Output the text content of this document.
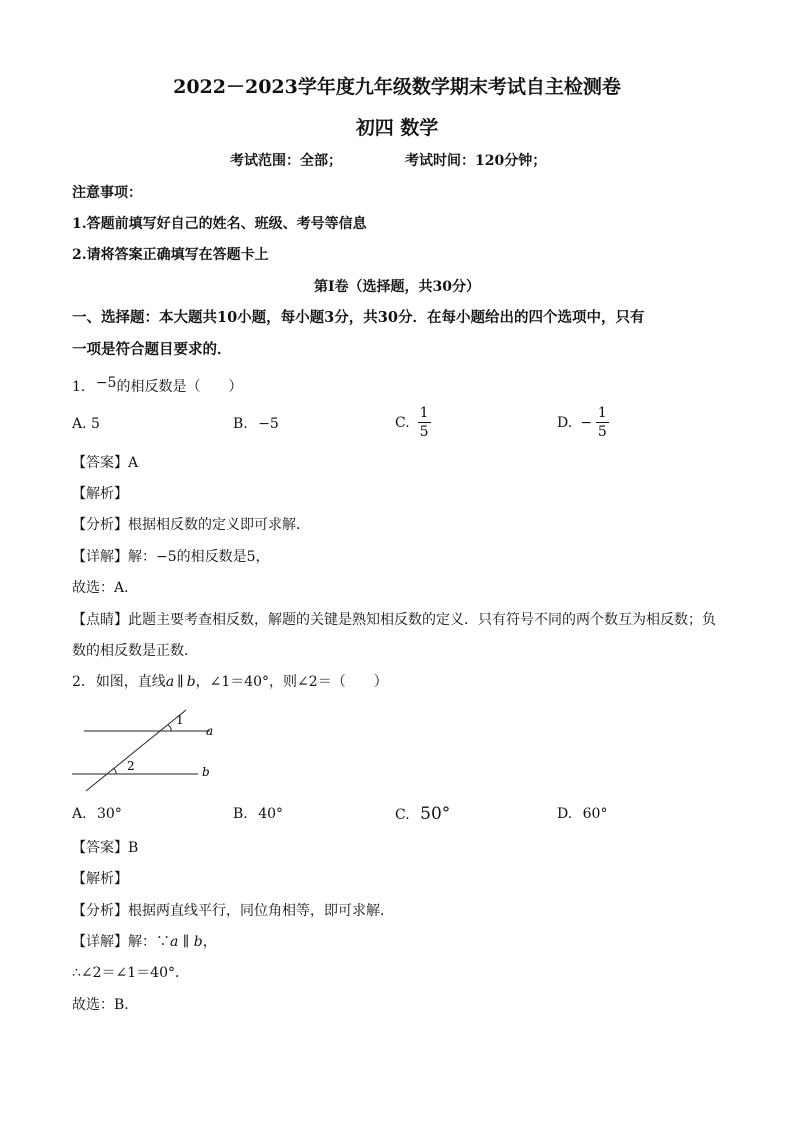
2022－2023学年度九年级数学期末考试自主检测卷
初四 数学
考试范围：全部；	考试时间：120分钟；
注意事项：
1.答题前填写好自己的姓名、班级、考号等信息
2.请将答案正确填写在答题卡上
第I卷（选择题，共30分）
一、选择题：本大题共10小题，每小题3分，共30分．在每小题给出的四个选项中，只有
一项是符合题目要求的．
1. −5的相反数是（　　）
A. 5	B. −5	C. $\frac{1}{5}$	D. − $\frac{1}{5}$
【答案】A
【解析】
【分析】根据相反数的定义即可求解．
【详解】解：−5的相反数是5，
故选：A．
【点睛】此题主要考查相反数，解题的关键是熟知相反数的定义．只有符号不同的两个数互为相反数；负
数的相反数是正数．
2. 如图，直线a ∥ b，∠1＝40°，则∠2＝（　　）
1
2
a
b
A. 30°	B. 40°	C. 50°	D. 60°
【答案】B
【解析】
【分析】根据两直线平行，同位角相等，即可求解．
【详解】解：∵a ∥ b，
∴∠2＝∠1＝40°．
故选：B．
